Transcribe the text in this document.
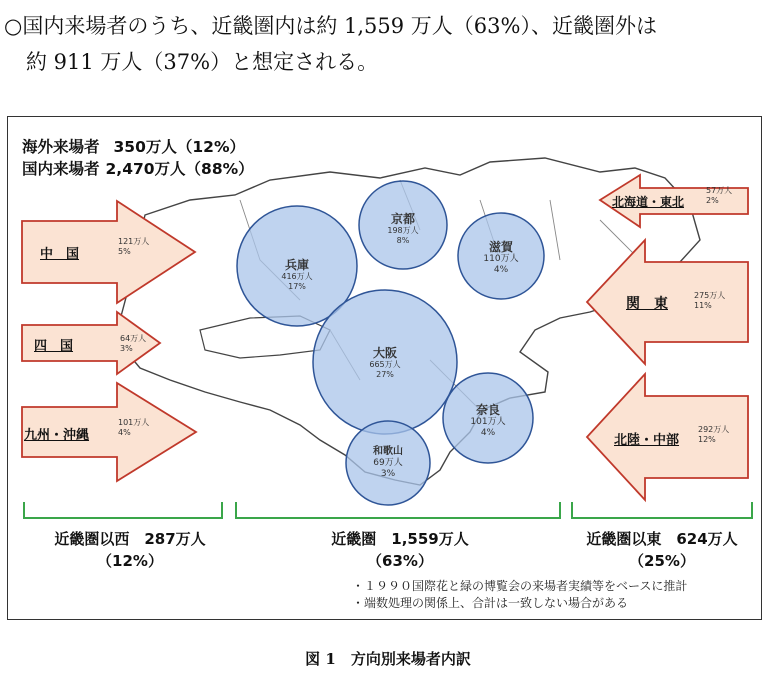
○国内来場者のうち、近畿圏内は約 1,559 万人（63%）、近畿圏外は
約 911 万人（37%）と想定される。
海外来場者 350万人（12%）
国内来場者 2,470万人（88%）
中　国
121万人
5%
四　国
64万人
3%
九州・沖縄
101万人
4%
北海道・東北
57万人
2%
関　東
275万人
11%
北陸・中部
292万人
12%
兵庫
416万人
17%
京都
198万人
8%	滋賀
110万人
4%
大阪
665万人
27%
奈良
101万人
4%
和歌山
69万人
3%
近畿圏以西　287万人
（12%）
近畿圏　1,559万人
（63%）
近畿圏以東　624万人
（25%）
・１９９０国際花と緑の博覧会の来場者実績等をベースに推計
・端数処理の関係上、合計は一致しない場合がある
図 1　方向別来場者内訳
